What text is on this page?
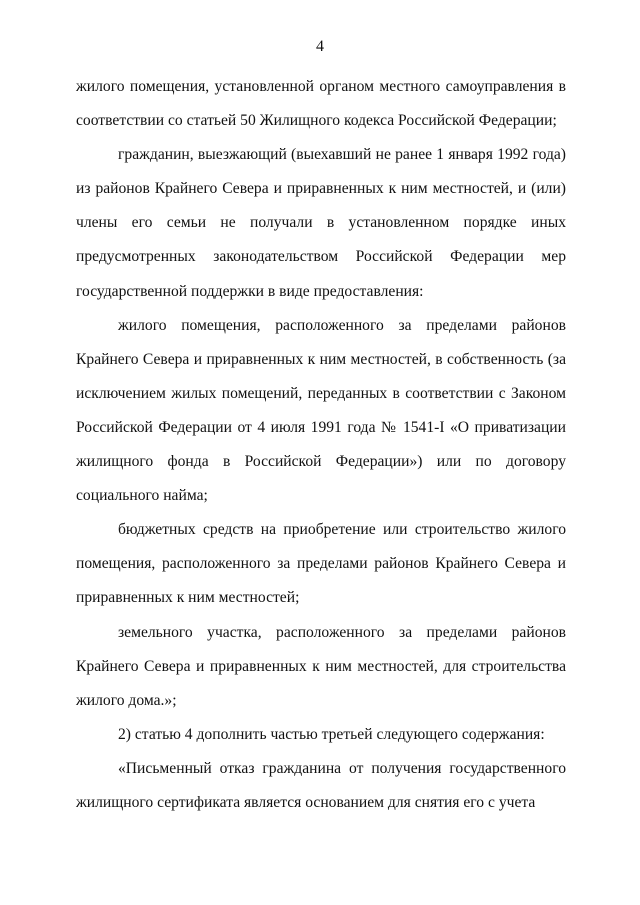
4

жилого помещения, установленной органом местного самоуправления в соответствии со статьей 50 Жилищного кодекса Российской Федерации;

гражданин, выезжающий (выехавший не ранее 1 января 1992 года) из районов Крайнего Севера и приравненных к ним местностей, и (или) члены его семьи не получали в установленном порядке иных предусмотренных законодательством Российской Федерации мер государственной поддержки в виде предоставления:

жилого помещения, расположенного за пределами районов Крайнего Севера и приравненных к ним местностей, в собственность (за исключением жилых помещений, переданных в соответствии с Законом Российской Федерации от 4 июля 1991 года № 1541-I «О приватизации жилищного фонда в Российской Федерации») или по договору социального найма;

бюджетных средств на приобретение или строительство жилого помещения, расположенного за пределами районов Крайнего Севера и приравненных к ним местностей;

земельного участка, расположенного за пределами районов Крайнего Севера и приравненных к ним местностей, для строительства жилого дома.»;

2) статью 4 дополнить частью третьей следующего содержания:

«Письменный отказ гражданина от получения государственного жилищного сертификата является основанием для снятия его с учета
